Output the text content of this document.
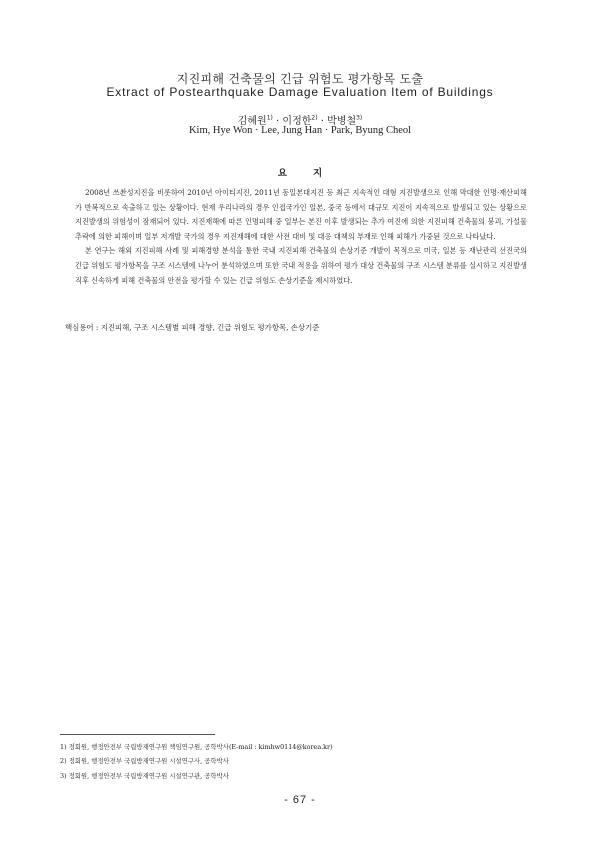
지진피해 건축물의 긴급 위험도 평가항목 도출
Extract of Postearthquake Damage Evaluation Item of Buildings
김혜원$^{1)}$ · 이정한$^{2)}$ · 박병철$^{3)}$
Kim, Hye Won · Lee, Jung Han · Park, Byung Cheol
요지

2008년 쓰촨성지진을 비롯하여 2010년 아이티지진, 2011년 동일본대지진 등 최근 지속적인 대형 지진발생으로 인해 막대한 인명·재산피해가 반복적으로 속출하고 있는 상황이다. 현재 우리나라의 경우 인접국가인 일본, 중국 등에서 대규모 지진이 지속적으로 발생되고 있는 상황으로 지진발생의 위험성이 잠재되어 있다. 지진재해에 따른 인명피해 중 일부는 본진 이후 발생되는 추가 여진에 의한 지진피해 건축물의 붕괴, 가설물 추락에 의한 피해이며 일부 저개발 국가의 경우 지진재해에 대한 사전 대비 및 대응 대책의 부재로 인해 피해가 가중된 것으로 나타났다.

본 연구는 해외 지진피해 사례 및 피해경향 분석을 통한 국내 지진피해 건축물의 손상기준 개발이 목적으로 미국, 일본 등 재난관리 선진국의 긴급 위험도 평가항목을 구조 시스템에 나누어 분석하였으며 또한 국내 적용을 위하여 평가 대상 건축물의 구조 시스템 분류를 실시하고 지진발생 직후 신속하게 피해 건축물의 안전을 평가할 수 있는 긴급 위험도 손상기준을 제시하였다.

핵심용어 : 지진피해, 구조 시스템별 피해 경향, 긴급 위험도 평가항목, 손상기준
1) 정회원, 행정안전부 국립방재연구원 책임연구원, 공학박사(E-mail : kimhw0114@korea.kr)
2) 정회원, 행정안전부 국립방재연구원 시설연구사, 공학박사
3) 정회원, 행정안전부 국립방재연구원 시설연구관, 공학박사
- 67 -
